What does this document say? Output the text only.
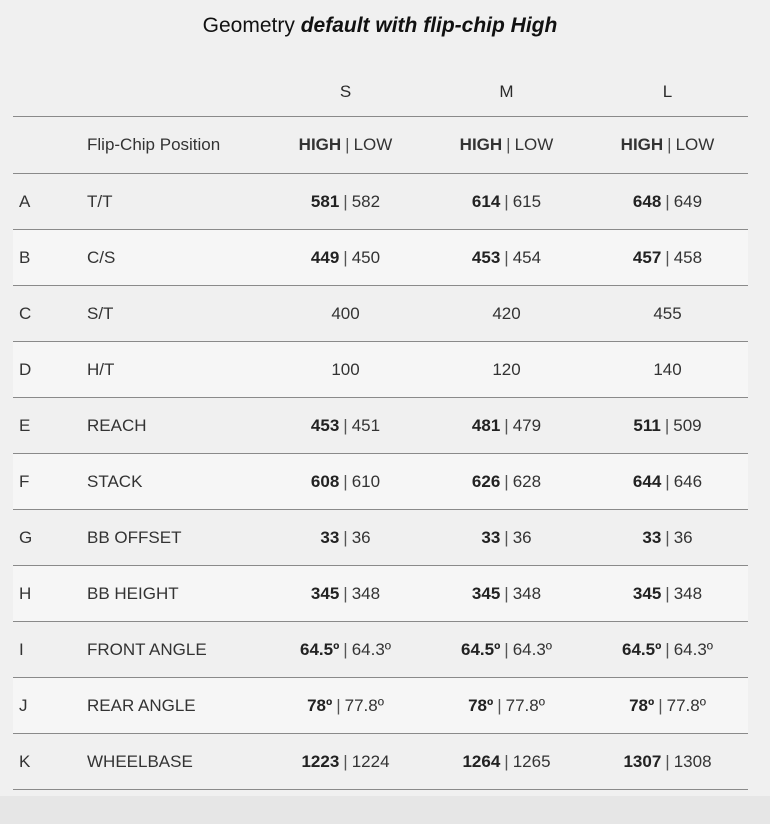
Geometry default with flip-chip High
		S	M	L
	Flip-Chip Position	HIGH | LOW	HIGH | LOW	HIGH | LOW
A	T/T	581 | 582	614 | 615	648 | 649
B	C/S	449 | 450	453 | 454	457 | 458
C	S/T	400	420	455
D	H/T	100	120	140
E	REACH	453 | 451	481 | 479	511 | 509
F	STACK	608 | 610	626 | 628	644 | 646
G	BB OFFSET	33 | 36	33 | 36	33 | 36
H	BB HEIGHT	345 | 348	345 | 348	345 | 348
I	FRONT ANGLE	64.5º | 64.3º	64.5º | 64.3º	64.5º | 64.3º
J	REAR ANGLE	78º | 77.8º	78º | 77.8º	78º | 77.8º
K	WHEELBASE	1223 | 1224	1264 | 1265	1307 | 1308
